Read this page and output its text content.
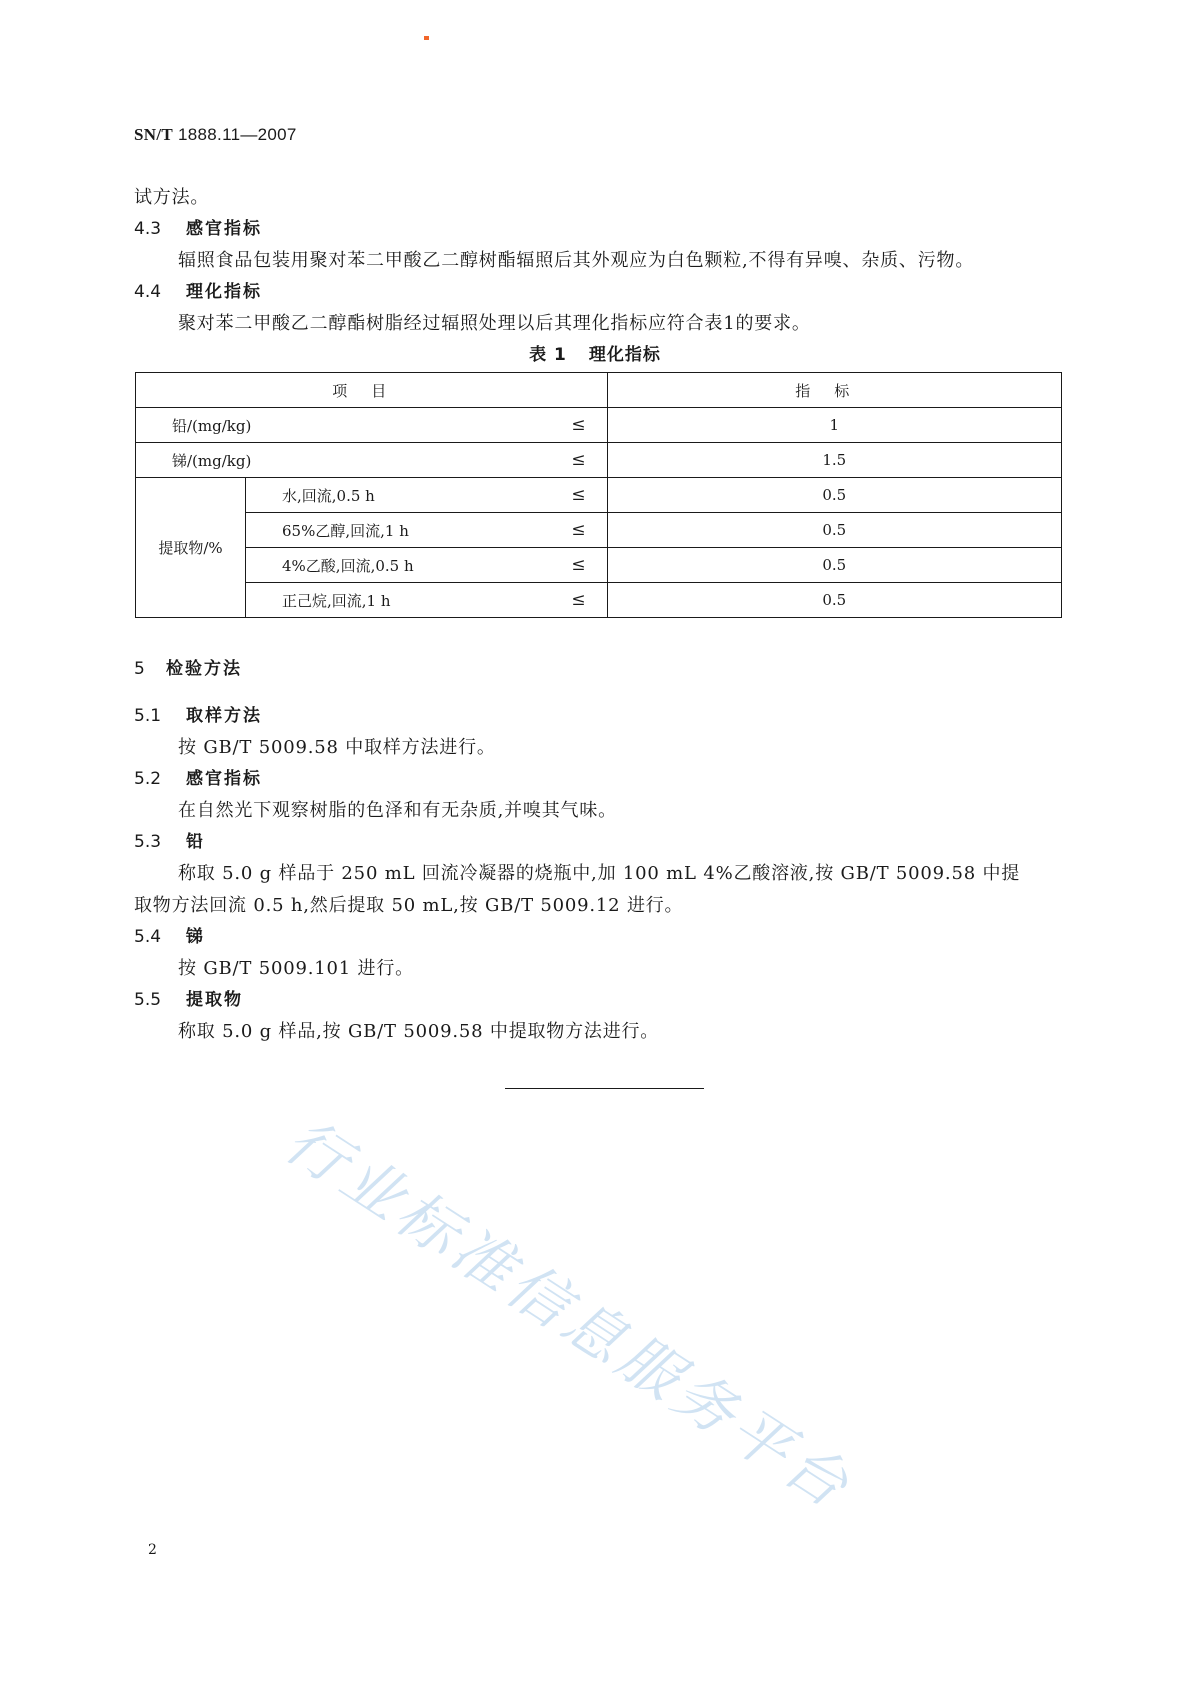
行业标准信息服务平台
SN/T 1888.11—2007
试方法。
4.3 感官指标
辐照食品包装用聚对苯二甲酸乙二醇树酯辐照后其外观应为白色颗粒,不得有异嗅、杂质、污物。
4.4 理化指标
聚对苯二甲酸乙二醇酯树脂经过辐照处理以后其理化指标应符合表1的要求。
表 1 理化指标
项目			指标
铅/(mg/kg)		≤	1
锑/(mg/kg)		≤	1.5
提取物/%	水,回流,0.5 h	≤	0.5
	65%乙醇,回流,1 h	≤	0.5
	4%乙酸,回流,0.5 h	≤	0.5
	正己烷,回流,1 h	≤	0.5
5 检验方法
5.1 取样方法
按 GB/T 5009.58 中取样方法进行。
5.2 感官指标
在自然光下观察树脂的色泽和有无杂质,并嗅其气味。
5.3 铅
称取 5.0 g 样品于 250 mL 回流冷凝器的烧瓶中,加 100 mL 4%乙酸溶液,按 GB/T 5009.58 中提
取物方法回流 0.5 h,然后提取 50 mL,按 GB/T 5009.12 进行。
5.4 锑
按 GB/T 5009.101 进行。
5.5 提取物
称取 5.0 g 样品,按 GB/T 5009.58 中提取物方法进行。
2
